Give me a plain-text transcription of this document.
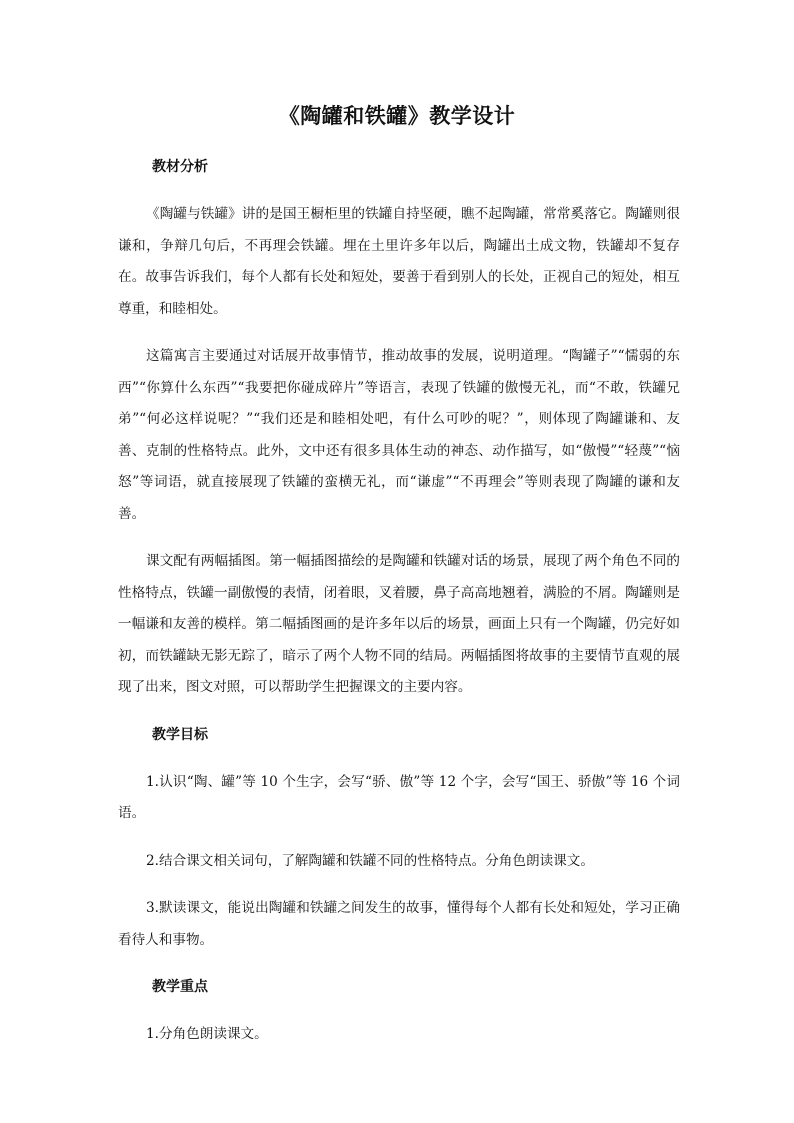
《陶罐和铁罐》教学设计
教材分析

《陶罐与铁罐》讲的是国王橱柜里的铁罐自持坚硬，瞧不起陶罐，常常奚落它。陶罐则很谦和，争辩几句后，不再理会铁罐。埋在土里许多年以后，陶罐出土成文物，铁罐却不复存在。故事告诉我们，每个人都有长处和短处，要善于看到别人的长处，正视自己的短处，相互尊重，和睦相处。

这篇寓言主要通过对话展开故事情节，推动故事的发展，说明道理。“陶罐子”“懦弱的东西”“你算什么东西”“我要把你碰成碎片”等语言，表现了铁罐的傲慢无礼，而“不敢，铁罐兄弟”“何必这样说呢？”“我们还是和睦相处吧，有什么可吵的呢？”，则体现了陶罐谦和、友善、克制的性格特点。此外，文中还有很多具体生动的神态、动作描写，如“傲慢”“轻蔑”“恼怒”等词语，就直接展现了铁罐的蛮横无礼，而“谦虚”“不再理会”等则表现了陶罐的谦和友善。

课文配有两幅插图。第一幅插图描绘的是陶罐和铁罐对话的场景，展现了两个角色不同的性格特点，铁罐一副傲慢的表情，闭着眼，叉着腰，鼻子高高地翘着，满脸的不屑。陶罐则是一幅谦和友善的模样。第二幅插图画的是许多年以后的场景，画面上只有一个陶罐，仍完好如初，而铁罐缺无影无踪了，暗示了两个人物不同的结局。两幅插图将故事的主要情节直观的展现了出来，图文对照，可以帮助学生把握课文的主要内容。

教学目标

1.认识“陶、罐”等 10 个生字，会写“骄、傲”等 12 个字，会写“国王、骄傲”等 16 个词语。

2.结合课文相关词句，了解陶罐和铁罐不同的性格特点。分角色朗读课文。

3.默读课文，能说出陶罐和铁罐之间发生的故事，懂得每个人都有长处和短处，学习正确看待人和事物。

教学重点

1.分角色朗读课文。
